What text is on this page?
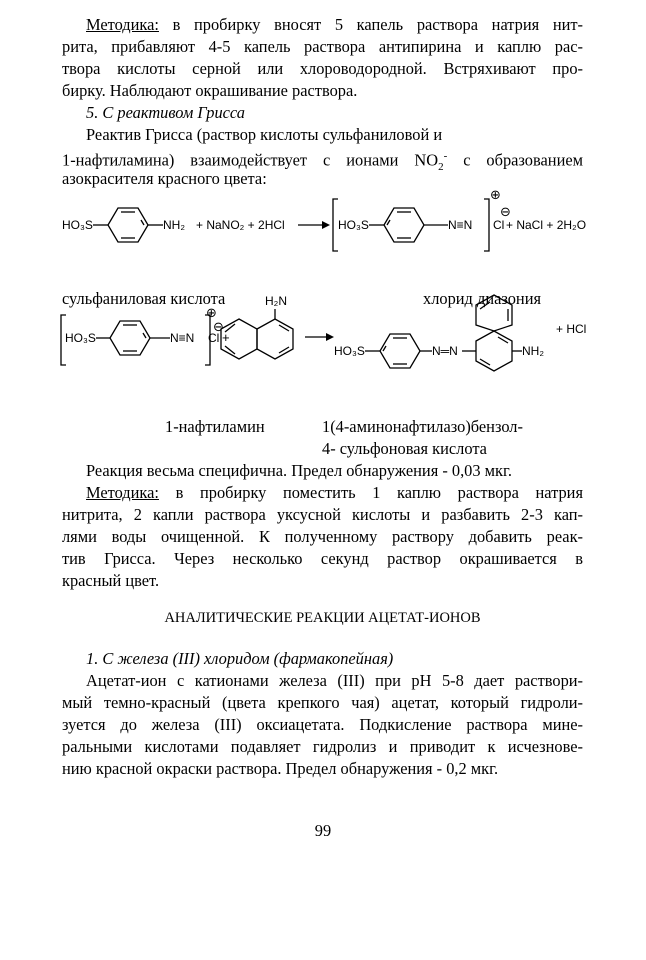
Методика: в пробирку вносят 5 капель раствора натрия нит-

рита, прибавляют 4-5 капель раствора антипирина и каплю рас-

твора кислоты серной или хлороводородной. Встряхивают про-

бирку. Наблюдают окрашивание раствора.

5. С реактивом Грисса

Реактив Грисса (раствор кислоты сульфаниловой и

1-нафтиламина) взаимодействует с ионами $NO_2^-$ с образованием

азокрасителя красного цвета:

HO₃S	NH₂ + NaNO₂ + 2HCl	HO₃S	N≡N
⊕
⊖
Cl + NaCl + 2H₂O

сульфаниловая кислота	хлорид диазония

HO₃S	N≡N
⊕
⊖
Cl +
H₂N
HO₃S	N═N	NH₂
+ HCl

1-нафтиламин	1(4-аминонафтилазо)бензол-

4- сульфоновая кислота

Реакция весьма специфична. Предел обнаружения - 0,03 мкг.

Методика: в пробирку поместить 1 каплю раствора натрия

нитрита, 2 капли раствора уксусной кислоты и разбавить 2-3 кап-

лями воды очищенной. К полученному раствору добавить реак-

тив Грисса. Через несколько секунд раствор окрашивается в

красный цвет.

АНАЛИТИЧЕСКИЕ РЕАКЦИИ АЦЕТАТ-ИОНОВ

1. С железа (III) хлоридом (фармакопейная)

Ацетат-ион с катионами железа (III) при pH 5-8 дает раствори-

мый темно-красный (цвета крепкого чая) ацетат, который гидроли-

зуется до железа (III) оксиацетата. Подкисление раствора мине-

ральными кислотами подавляет гидролиз и приводит к исчезнове-

нию красной окраски раствора. Предел обнаружения - 0,2 мкг.

99
